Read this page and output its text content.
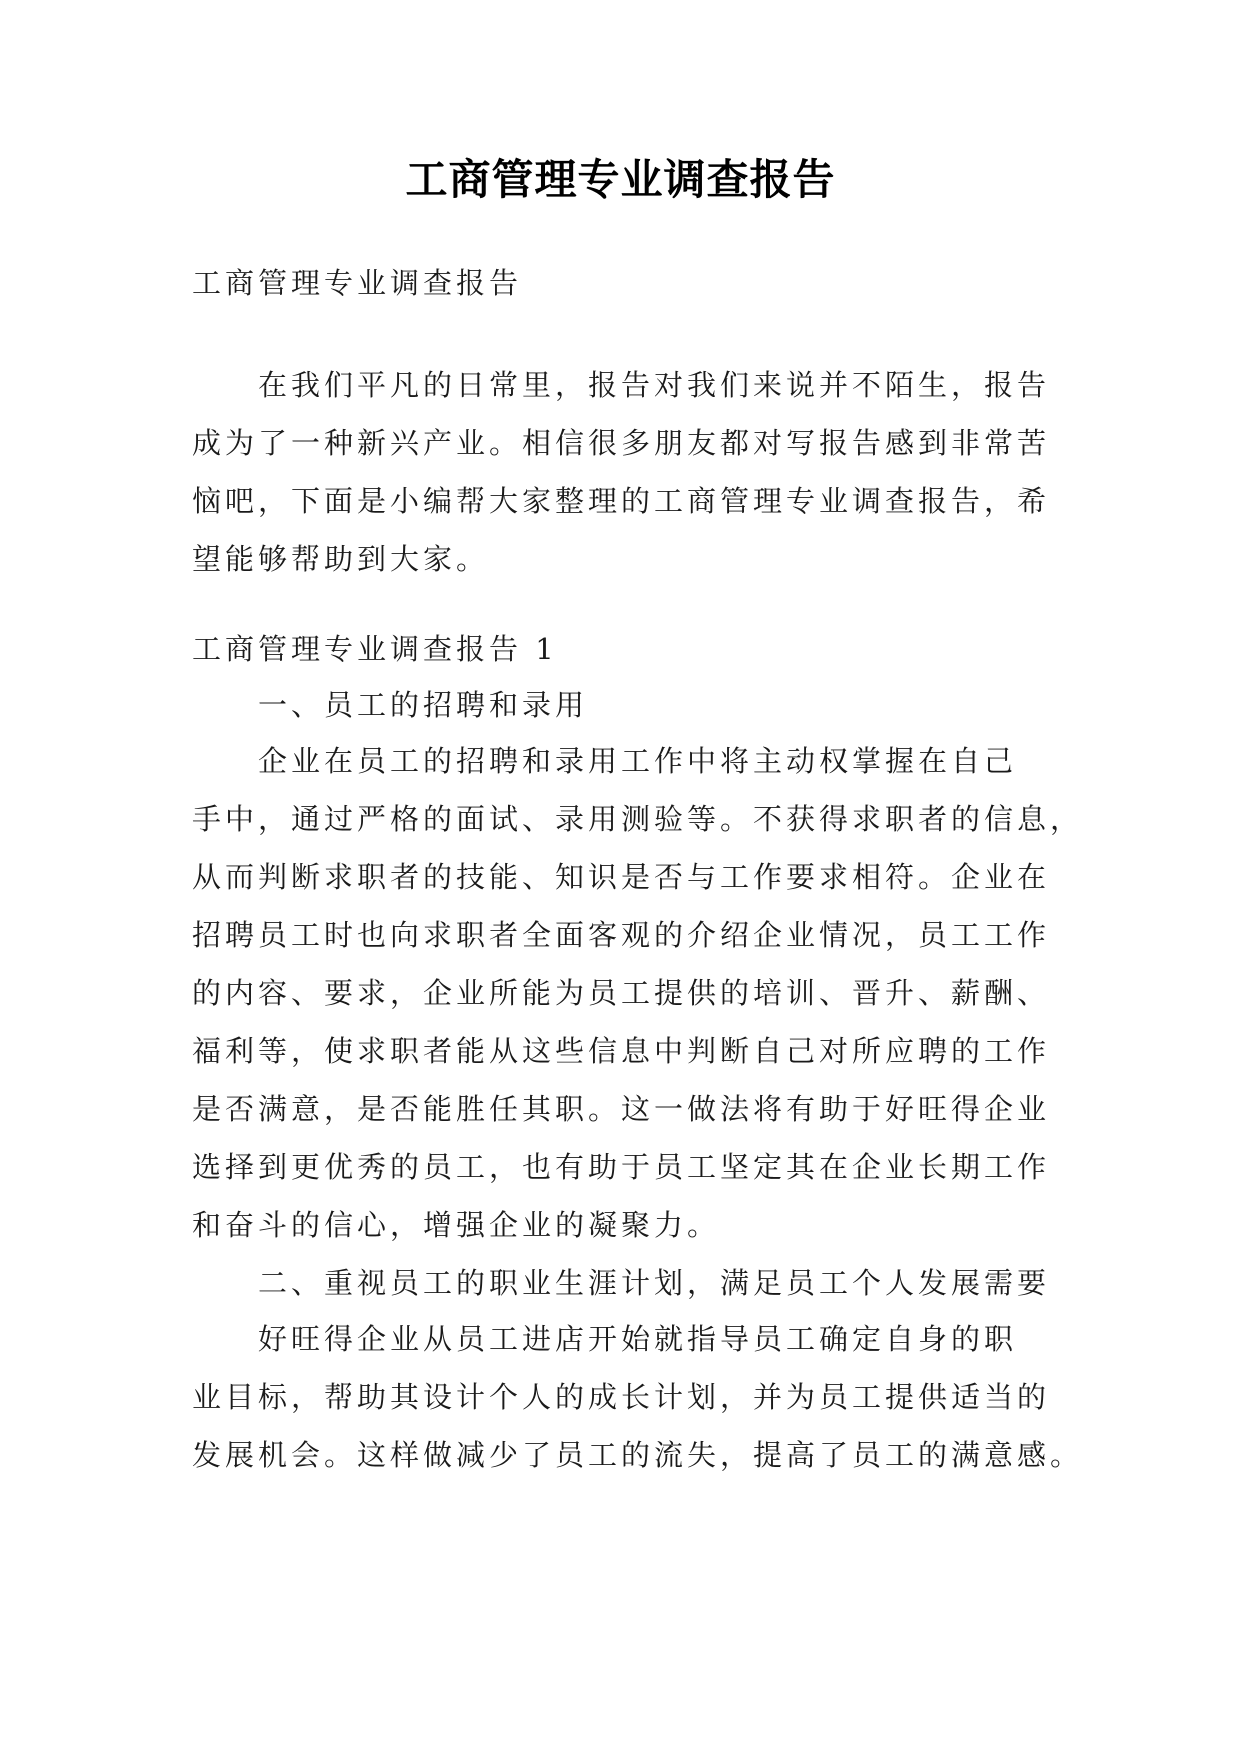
工商管理专业调查报告

工商管理专业调查报告

在我们平凡的日常里，报告对我们来说并不陌生，报告
成为了一种新兴产业。相信很多朋友都对写报告感到非常苦
恼吧，下面是小编帮大家整理的工商管理专业调查报告，希
望能够帮助到大家。

工商管理专业调查报告 1

一、员工的招聘和录用

企业在员工的招聘和录用工作中将主动权掌握在自己
手中，通过严格的面试、录用测验等。不获得求职者的信息，
从而判断求职者的技能、知识是否与工作要求相符。企业在
招聘员工时也向求职者全面客观的介绍企业情况，员工工作
的内容、要求，企业所能为员工提供的培训、晋升、薪酬、
福利等，使求职者能从这些信息中判断自己对所应聘的工作
是否满意，是否能胜任其职。这一做法将有助于好旺得企业
选择到更优秀的员工，也有助于员工坚定其在企业长期工作
和奋斗的信心，增强企业的凝聚力。

二、重视员工的职业生涯计划，满足员工个人发展需要

好旺得企业从员工进店开始就指导员工确定自身的职
业目标，帮助其设计个人的成长计划，并为员工提供适当的
发展机会。这样做减少了员工的流失，提高了员工的满意感。
